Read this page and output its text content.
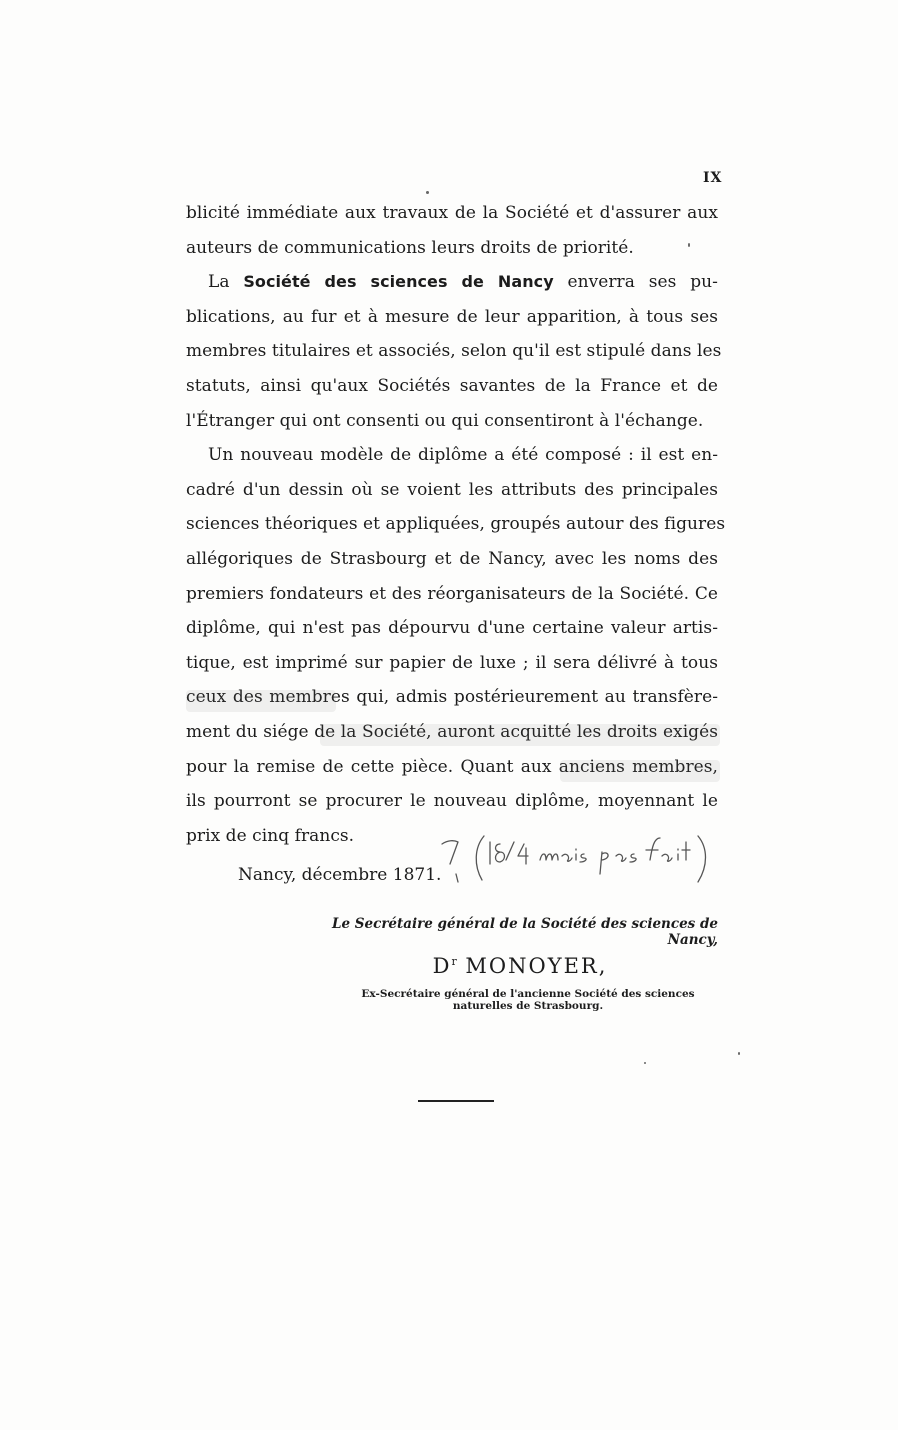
IX
blicité immédiate aux travaux de la Société et d'assurer aux
auteurs de communications leurs droits de priorité.
La Société des sciences de Nancy enverra ses pu-
blications, au fur et à mesure de leur apparition, à tous ses
membres titulaires et associés, selon qu'il est stipulé dans les
statuts, ainsi qu'aux Sociétés savantes de la France et de
l'Étranger qui ont consenti ou qui consentiront à l'échange.
Un nouveau modèle de diplôme a été composé : il est en-
cadré d'un dessin où se voient les attributs des principales
sciences théoriques et appliquées, groupés autour des figures
allégoriques de Strasbourg et de Nancy, avec les noms des
premiers fondateurs et des réorganisateurs de la Société. Ce
diplôme, qui n'est pas dépourvu d'une certaine valeur artis-
tique, est imprimé sur papier de luxe ; il sera délivré à tous
ceux des membres qui, admis postérieurement au transfère-
ment du siége de la Société, auront acquitté les droits exigés
pour la remise de cette pièce. Quant aux anciens membres,
ils pourront se procurer le nouveau diplôme, moyennant le
prix de cinq francs.
Nancy, décembre 1871.
Le Secrétaire général de la Société des sciences de Nancy,
$D^r$ MONOYER,
Ex-Secrétaire général de l'ancienne Société des sciences
naturelles de Strasbourg.
